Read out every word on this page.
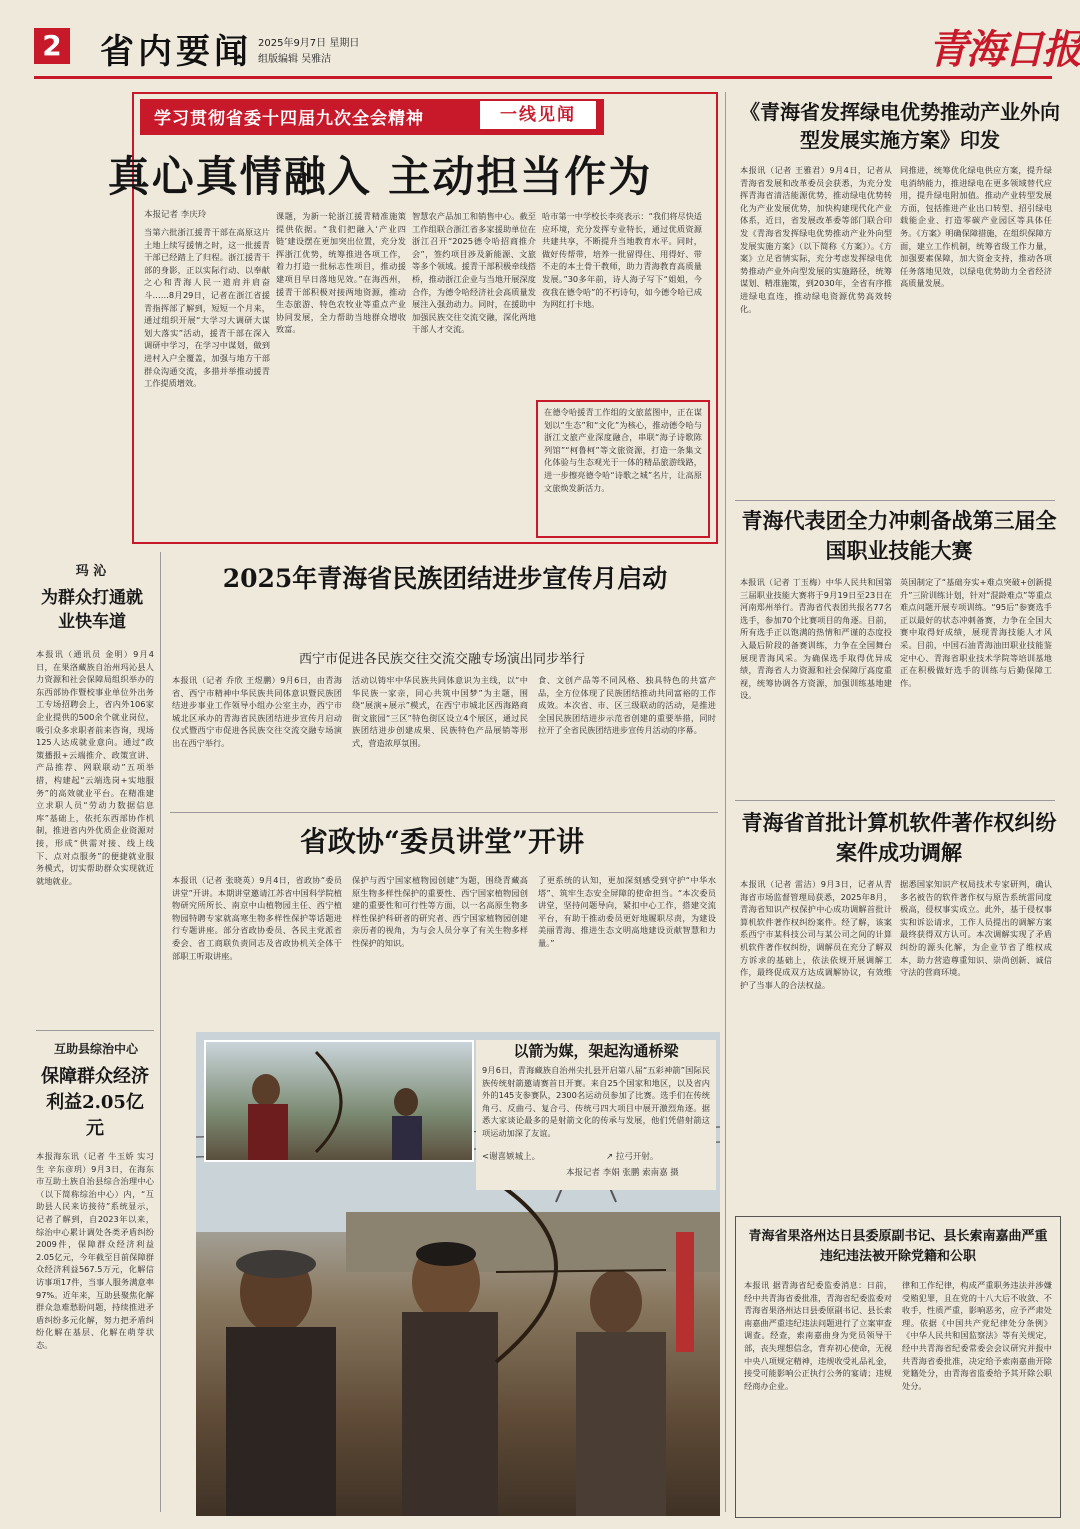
2 省内要闻 2025年9月7日 星期日
组版编辑 吴雅洁	青海日报
学习贯彻省委十四届九次全会精神	一线见闻
真心真情融入 主动担当作为
本报记者 李庆玲
当第六批浙江援青干部在高原这片土地上续写援情之时，这一批援青干部已经踏上了归程。浙江援青干部的身影，正以实际行动、以奉献之心和青海人民一道肩并肩奋斗……8月29日，记者在浙江省援青指挥部了解到，短短一个月来，通过组织开展“大学习大调研大谋划大落实”活动，援青干部在深入调研中学习，在学习中谋划，做到进村入户全覆盖，加强与地方干部群众沟通交流，多措并举推动援青工作提质增效。
课题，为新一轮浙江援青精准施策提供依据。“我们把融入‘产业四链’建设摆在更加突出位置，充分发挥浙江优势，统筹推进各项工作，着力打造一批标志性项目，推动援建项目早日落地见效。”在海西州，援青干部积极对接两地资源，推动生态旅游、特色农牧业等重点产业协同发展，全力帮助当地群众增收致富。
智慧农产品加工和销售中心。截至工作组联合浙江省多家援助单位在浙江召开“2025德令哈招商推介会”，签约项目涉及新能源、文旅等多个领域。援青干部积极牵线搭桥，推动浙江企业与当地开展深度合作，为德令哈经济社会高质量发展注入强劲动力。同时，在援助中加强民族交往交流交融，深化两地干部人才交流。
哈市第一中学校长李亮表示：“我们将尽快适应环境，充分发挥专业特长，通过优质资源共建共享，不断提升当地教育水平。同时，做好传帮带，培养一批留得住、用得好、带不走的本土骨干教师，助力青海教育高质量发展。”30多年前，诗人海子写下“姐姐，今夜我在德令哈”的不朽诗句，如今德令哈已成为网红打卡地。
在德令哈援青工作组的文旅蓝图中，正在谋划以“生态”和“文化”为核心，推动德令哈与浙江文旅产业深度融合，串联“海子诗歌陈列馆”“柯鲁柯”等文旅资源，打造一条集文化体验与生态观光于一体的精品旅游线路，进一步擦亮德令哈“诗歌之城”名片，让高原文旅焕发新活力。
《青海省发挥绿电优势推动产业外向型发展实施方案》印发
本报讯（记者 王雅君）9月4日，记者从青海省发展和改革委员会获悉，为充分发挥青海省清洁能源优势，推动绿电优势转化为产业发展优势，加快构建现代化产业体系，近日，省发展改革委等部门联合印发《青海省发挥绿电优势推动产业外向型发展实施方案》（以下简称《方案》）。《方案》立足省情实际，充分考虑发挥绿电优势推动产业外向型发展的实施路径，统筹谋划、精准施策，到2030年，全省有序推进绿电直连，推动绿电资源优势高效转化。
同推进，统筹优化绿电供应方案，提升绿电消纳能力，推进绿电在更多领域替代应用，提升绿电附加值。推动产业转型发展方面，包括推进产业出口转型、招引绿电载能企业、打造零碳产业园区等具体任务。《方案》明确保障措施，在组织保障方面，建立工作机制，统筹省级工作力量，加强要素保障，加大资金支持，推动各项任务落地见效，以绿电优势助力全省经济高质量发展。
青海代表团全力冲刺备战第三届全国职业技能大赛
本报讯（记者 丁玉梅）中华人民共和国第三届职业技能大赛将于9月19日至23日在河南郑州举行。青海省代表团共报名77名选手，参加70个比赛项目的角逐。目前，所有选手正以饱满的热情和严谨的态度投入最后阶段的备赛训练，力争在全国舞台展现青海风采。为确保选手取得优异成绩，青海省人力资源和社会保障厅高度重视，统筹协调各方资源，加强训练基地建设。
英国制定了“基础夯实+难点突破+创新提升”三阶训练计划，针对“混龄难点”等重点难点问题开展专项训练。“95后”参赛选手正以最好的状态冲刺备赛，力争在全国大赛中取得好成绩，展现青海技能人才风采。目前，中国石油青海油田职业技能鉴定中心、青海省职业技术学院等培训基地正在积极做好选手的训练与后勤保障工作。
青海省首批计算机软件著作权纠纷案件成功调解
本报讯（记者 雷洁）9月3日，记者从青海省市场监督管理局获悉，2025年8月，青海省知识产权保护中心成功调解首批计算机软件著作权纠纷案件。经了解，该案系西宁市某科技公司与某公司之间的计算机软件著作权纠纷，调解员在充分了解双方诉求的基础上，依法依规开展调解工作，最终促成双方达成调解协议，有效维护了当事人的合法权益。
据悉国家知识产权局技术专家研判，确认多名被告的软件著作权与原告系统雷同度极高，侵权事实成立。此外，基于侵权事实和诉讼请求，工作人员提出的调解方案最终获得双方认可。本次调解实现了矛盾纠纷的源头化解，为企业节省了维权成本，助力营造尊重知识、崇尚创新、诚信守法的营商环境。
青海省果洛州达日县委原副书记、县长索南嘉曲严重违纪违法被开除党籍和公职
本报讯 据青海省纪委监委消息：日前，经中共青海省委批准，青海省纪委监委对青海省果洛州达日县委原副书记、县长索南嘉曲严重违纪违法问题进行了立案审查调查。经查，索南嘉曲身为党员领导干部，丧失理想信念，背弃初心使命，无视中央八项规定精神，违规收受礼品礼金，接受可能影响公正执行公务的宴请；违规经商办企业。
律和工作纪律，构成严重职务违法并涉嫌受贿犯罪，且在党的十八大后不收敛、不收手，性质严重，影响恶劣，应予严肃处理。依据《中国共产党纪律处分条例》《中华人民共和国监察法》等有关规定，经中共青海省纪委常委会会议研究并报中共青海省委批准，决定给予索南嘉曲开除党籍处分，由青海省监委给予其开除公职处分。
玛 沁
为群众打通就业快车道
本报讯（通讯员 金明）9月4日，在果洛藏族自治州玛沁县人力资源和社会保障局组织举办的东西部协作暨校事业单位外出务工专场招聘会上，省内外106家企业提供的500余个就业岗位，吸引众多求职者前来咨询，现场125人达成就业意向。通过“政策播报+云端推介、政策宣讲、产品推荐、网联联动”五项举措，构建起“云端选岗+实地服务”的高效就业平台。在精准建立求职人员“劳动力数据信息库”基础上，依托东西部协作机制，推进省内外优质企业资源对接，形成“供需对接、线上线下、点对点服务”的便捷就业服务模式，切实帮助群众实现就近就地就业。
互助县综治中心
保障群众经济利益2.05亿元
本报海东讯（记者 牛玉娇 实习生 辛东彦玥）9月3日，在海东市互助土族自治县综合治理中心（以下简称综治中心）内，“互助县人民来访接待”系统显示，记者了解到，自2023年以来，综治中心累计调处各类矛盾纠纷2009件，保障群众经济利益2.05亿元，今年截至目前保障群众经济利益567.5万元，化解信访事项17件，当事人服务满意率97%。近年来，互助县聚焦化解群众急难愁盼问题，持续推进矛盾纠纷多元化解，努力把矛盾纠纷化解在基层、化解在萌芽状态。
2025年青海省民族团结进步宣传月启动
西宁市促进各民族交往交流交融专场演出同步举行
本报讯（记者 乔欣 王煜鹏）9月6日，由青海省、西宁市精神中华民族共同体意识暨民族团结进步事业工作领导小组办公室主办，西宁市城北区承办的青海省民族团结进步宣传月启动仪式暨西宁市促进各民族交往交流交融专场演出在西宁举行。
活动以铸牢中华民族共同体意识为主线，以“中华民族一家亲，同心共筑中国梦”为主题，围绕“展演+展示”模式，在西宁市城北区西海路商街文旅园“三区”特色街区设立4个展区，通过民族团结进步创建成果、民族特色产品展销等形式，营造浓厚氛围。
食、文创产品等不同风格、独具特色的共富产品，全方位体现了民族团结推动共同富裕的工作成效。本次省、市、区三级联动的活动，是推进全国民族团结进步示范省创建的重要举措，同时拉开了全省民族团结进步宣传月活动的序幕。
省政协“委员讲堂”开讲
本报讯（记者 张晓英）9月4日，省政协“委员讲堂”开讲。本期讲堂邀请江苏省中国科学院植物研究所所长、南京中山植物园主任、西宁植物园特聘专家就高寒生物多样性保护等话题进行专题讲座。部分省政协委员、各民主党派省委会、省工商联负责同志及省政协机关全体干部职工听取讲座。
保护与西宁国家植物园创建”为题，围绕青藏高原生物多样性保护的重要性、西宁国家植物园创建的重要性和可行性等方面，以一名高原生物多样性保护科研者的研究者、西宁国家植物园创建亲历者的视角，为与会人员分享了有关生物多样性保护的知识。
了更系统的认知，更加深刻感受到守护“中华水塔”、筑牢生态安全屏障的使命担当。“本次委员讲堂，坚持问题导向，紧扣中心工作，搭建交流平台，有助于推动委员更好地履职尽责，为建设美丽青海、推进生态文明高地建设贡献智慧和力量。”
以箭为媒，架起沟通桥梁
9月6日，青海藏族自治州尖扎县开启第八届“五彩神箭”国际民族传统射箭邀请赛首日开赛。来自25个国家和地区，以及省内外的145支参赛队，2300名运动员参加了比赛。选手们在传统角弓、反曲弓、复合弓、传统弓四大项目中展开激烈角逐。据悉大家谈论最多的是射箭文化的传承与发展，他们凭借射箭这项运动加深了友谊。
<谢喜嫉城上。	↗ 拉弓开射。
本报记者 李娟 张鹏 索南嘉 摄
